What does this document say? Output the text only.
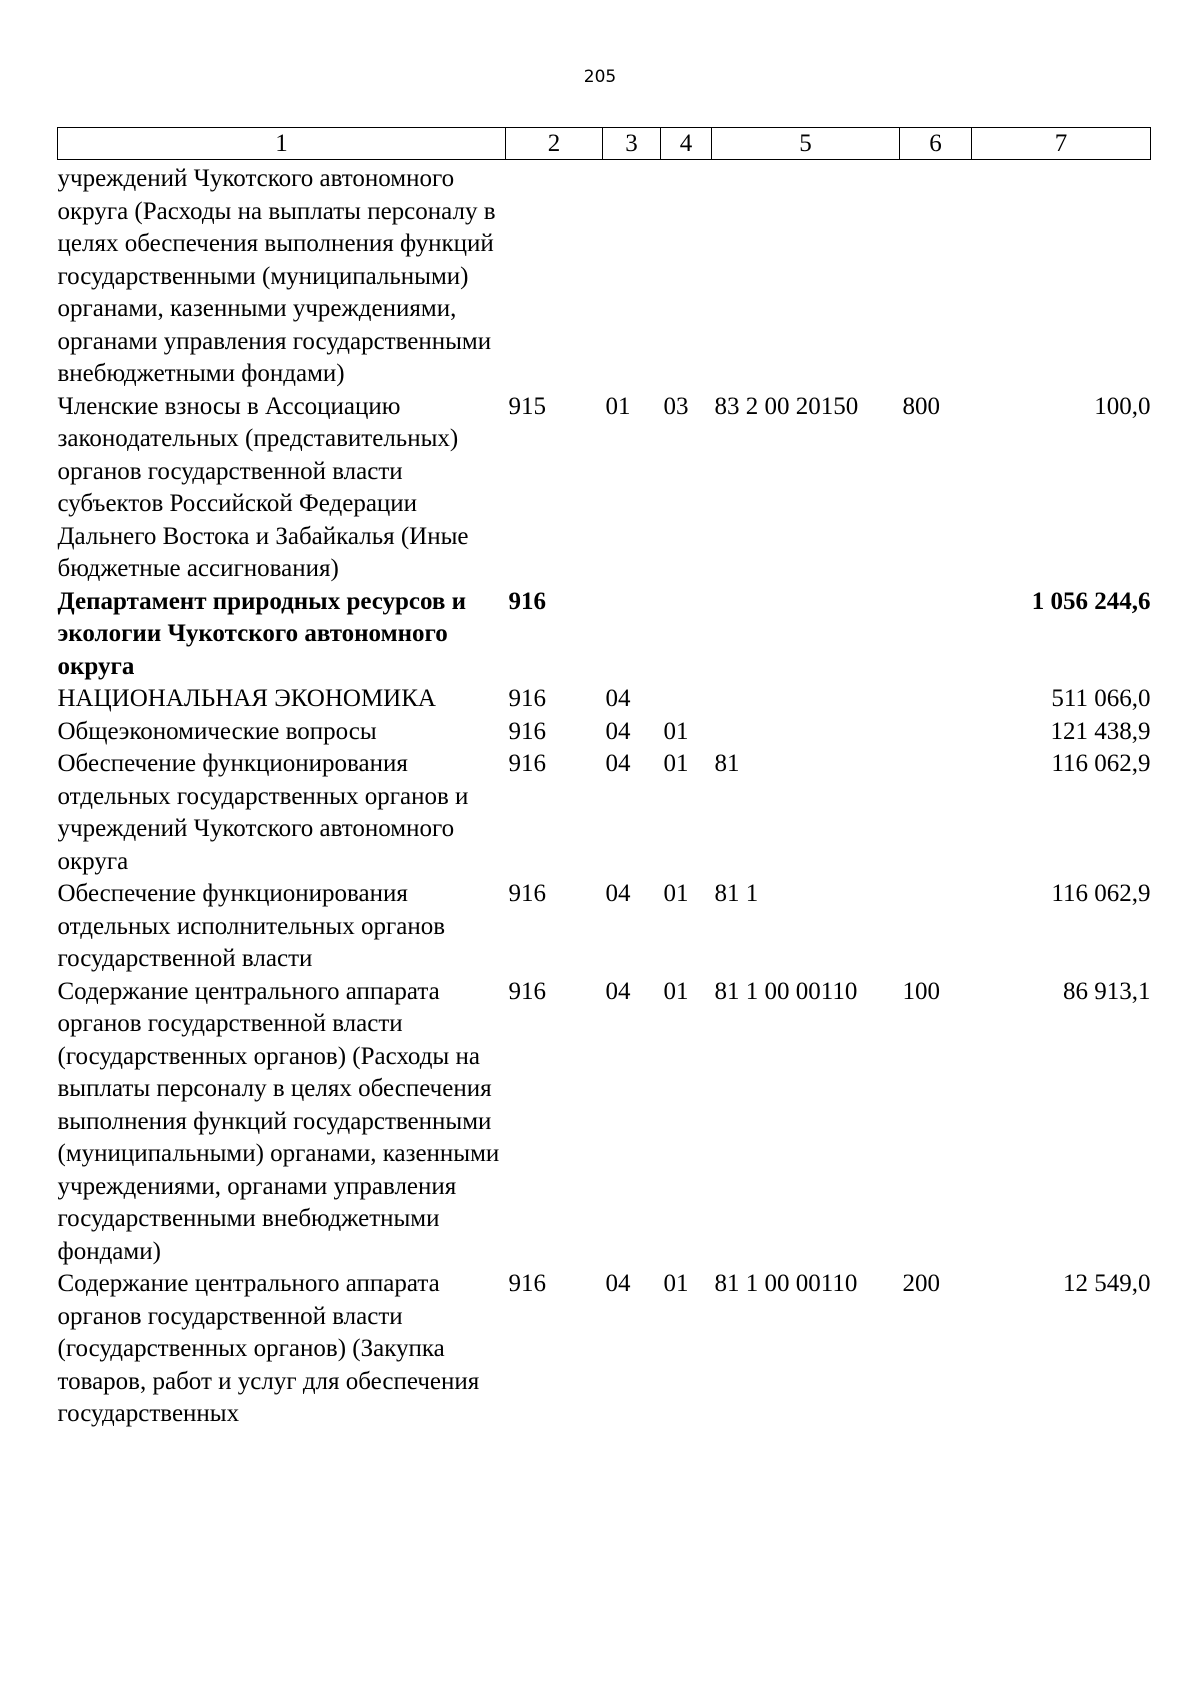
205
1	2	3	4	5	6	7
учреждений Чукотского автономного округа (Расходы на выплаты персоналу в целях обеспечения выполнения функций государственными (муниципальными) органами, казенными учреждениями, органами управления государственными внебюджетными фондами)						
Членские взносы в Ассоциацию законодательных (представительных) органов государственной власти субъектов Российской Федерации Дальнего Востока и Забайкалья (Иные бюджетные ассигнования)	915	01	03	83 2 00 20150	800	100,0
Департамент природных ресурсов и экологии Чукотского автономного округа	916					1 056 244,6
НАЦИОНАЛЬНАЯ ЭКОНОМИКА	916	04				511 066,0
Общеэкономические вопросы	916	04	01			121 438,9
Обеспечение функционирования отдельных государственных органов и учреждений Чукотского автономного округа	916	04	01	81		116 062,9
Обеспечение функционирования отдельных исполнительных органов государственной власти	916	04	01	81 1		116 062,9
Содержание центрального аппарата органов государственной власти (государственных органов) (Расходы на выплаты персоналу в целях обеспечения выполнения функций государственными (муниципальными) органами, казенными учреждениями, органами управления государственными внебюджетными фондами)	916	04	01	81 1 00 00110	100	86 913,1
Содержание центрального аппарата органов государственной власти (государственных органов) (Закупка товаров, работ и услуг для обеспечения государственных	916	04	01	81 1 00 00110	200	12 549,0
